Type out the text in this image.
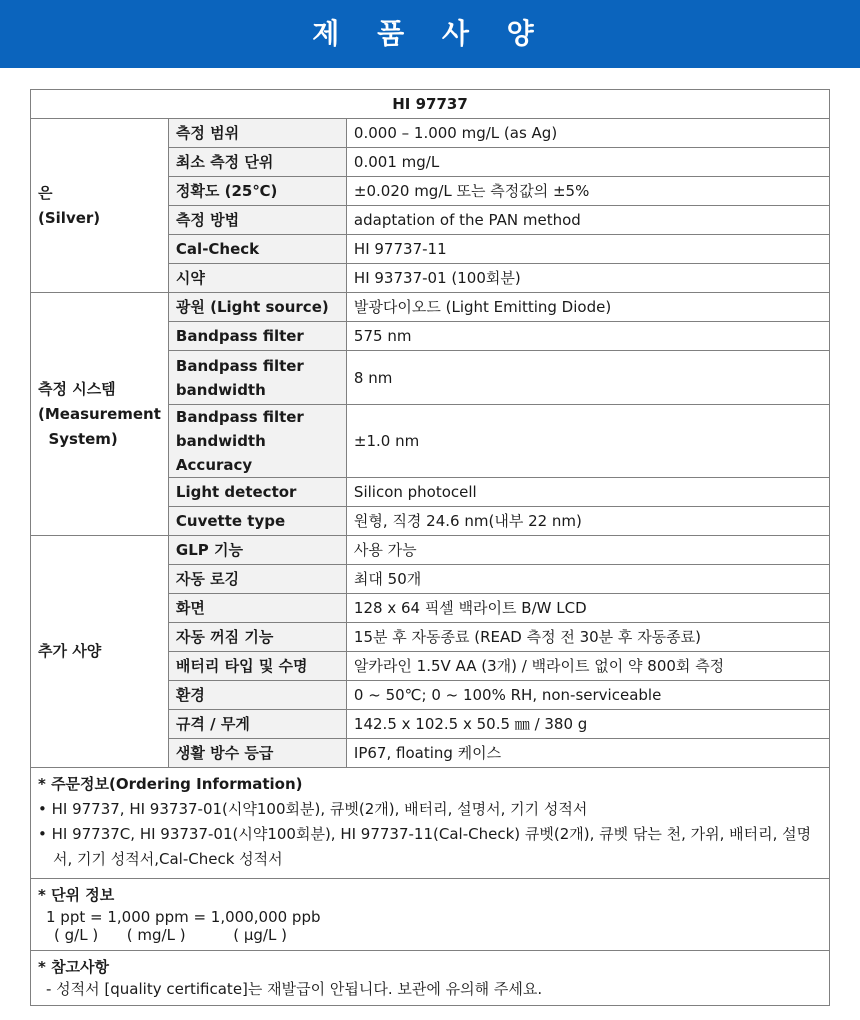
제 품 사 양
HI 97737		

은
(Silver)	측정 범위	0.000 – 1.000 mg/L (as Ag)
	최소 측정 단위	0.001 mg/L
	정확도 (25℃)	±0.020 mg/L 또는 측정값의 ±5%
	측정 방법	adaptation of the PAN method
	Cal-Check	HI 97737-11
	시약	HI 93737-01 (100회분)

측정 시스템
(Measurement
System)	광원 (Light source)	발광다이오드 (Light Emitting Diode)
	Bandpass filter	575 nm

	Bandpass filter
bandwidth	8 nm

	Bandpass filter
bandwidth Accuracy	±1.0 nm
	Light detector	Silicon photocell
	Cuvette type	원형, 직경 24.6 nm(내부 22 nm)

추가 사양	GLP 기능	사용 가능
	자동 로깅	최대 50개
	화면	128 x 64 픽셀 백라이트 B/W LCD
	자동 꺼짐 기능	15분 후 자동종료 (READ 측정 전 30분 후 자동종료)
	배터리 타입 및 수명	알카라인 1.5V AA (3개) / 백라이트 없이 약 800회 측정
	환경	0 ~ 50℃; 0 ~ 100% RH, non-serviceable
	규격 / 무게	142.5 x 102.5 x 50.5 ㎜ / 380 g
	생활 방수 등급	IP67, floating 케이스

* 주문정보(Ordering Information)
• HI 97737, HI 93737-01(시약100회분), 큐벳(2개), 배터리, 설명서, 기기 성적서
• HI 97737C, HI 93737-01(시약100회분), HI 97737-11(Cal-Check) 큐벳(2개), 큐벳 닦는 천, 가위, 배터리, 설명서, 기기 성적서,Cal-Check 성적서		

* 단위 정보
1 ppt = 1,000 ppm = 1,000,000 ppb
( g/L )      ( mg/L )          ( μg/L )		

* 참고사항
- 성적서 [quality certificate]는 재발급이 안됩니다. 보관에 유의해 주세요.		
